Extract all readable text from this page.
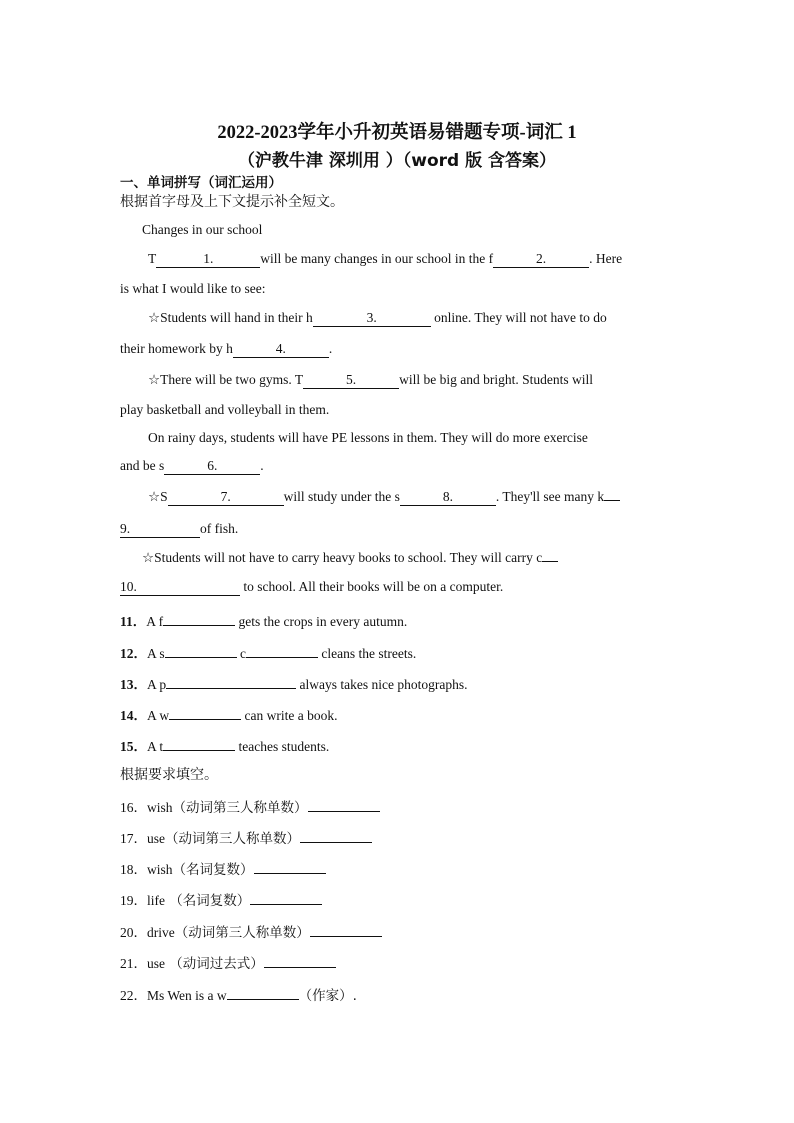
2022-2023学年小升初英语易错题专项-词汇 1
（沪教牛津 深圳用 ）（word 版 含答案）
一、单词拼写（词汇运用）
根据首字母及上下文提示补全短文。
Changes in our school
T	1.	will be many changes in our school in the f	2.	. Here
is what I would like to see:
☆Students will hand in their h	3.	online. They will not have to do
their homework by h	4.	.
☆There will be two gyms. T	5.	will be big and bright. Students will
play basketball and volleyball in them.
On rainy days, students will have PE lessons in them. They will do more exercise
and be s	6.	.
☆S	7.	will study under the s	8.	. They'll see many k
9.	of fish.
☆Students will not have to carry heavy books to school. They will carry c
10.	to school. All their books will be on a computer.
11．A f	gets the crops in every autumn.
12．A s	c	cleans the streets.
13．A p	always takes nice photographs.
14．A w	can write a book.
15．A t	teaches students.
根据要求填空。
16．wish（动词第三人称单数）
17．use（动词第三人称单数）
18．wish（名词复数）
19．life （名词复数）
20．drive（动词第三人称单数）
21．use （动词过去式）
22．Ms Wen is a w	（作家）.
